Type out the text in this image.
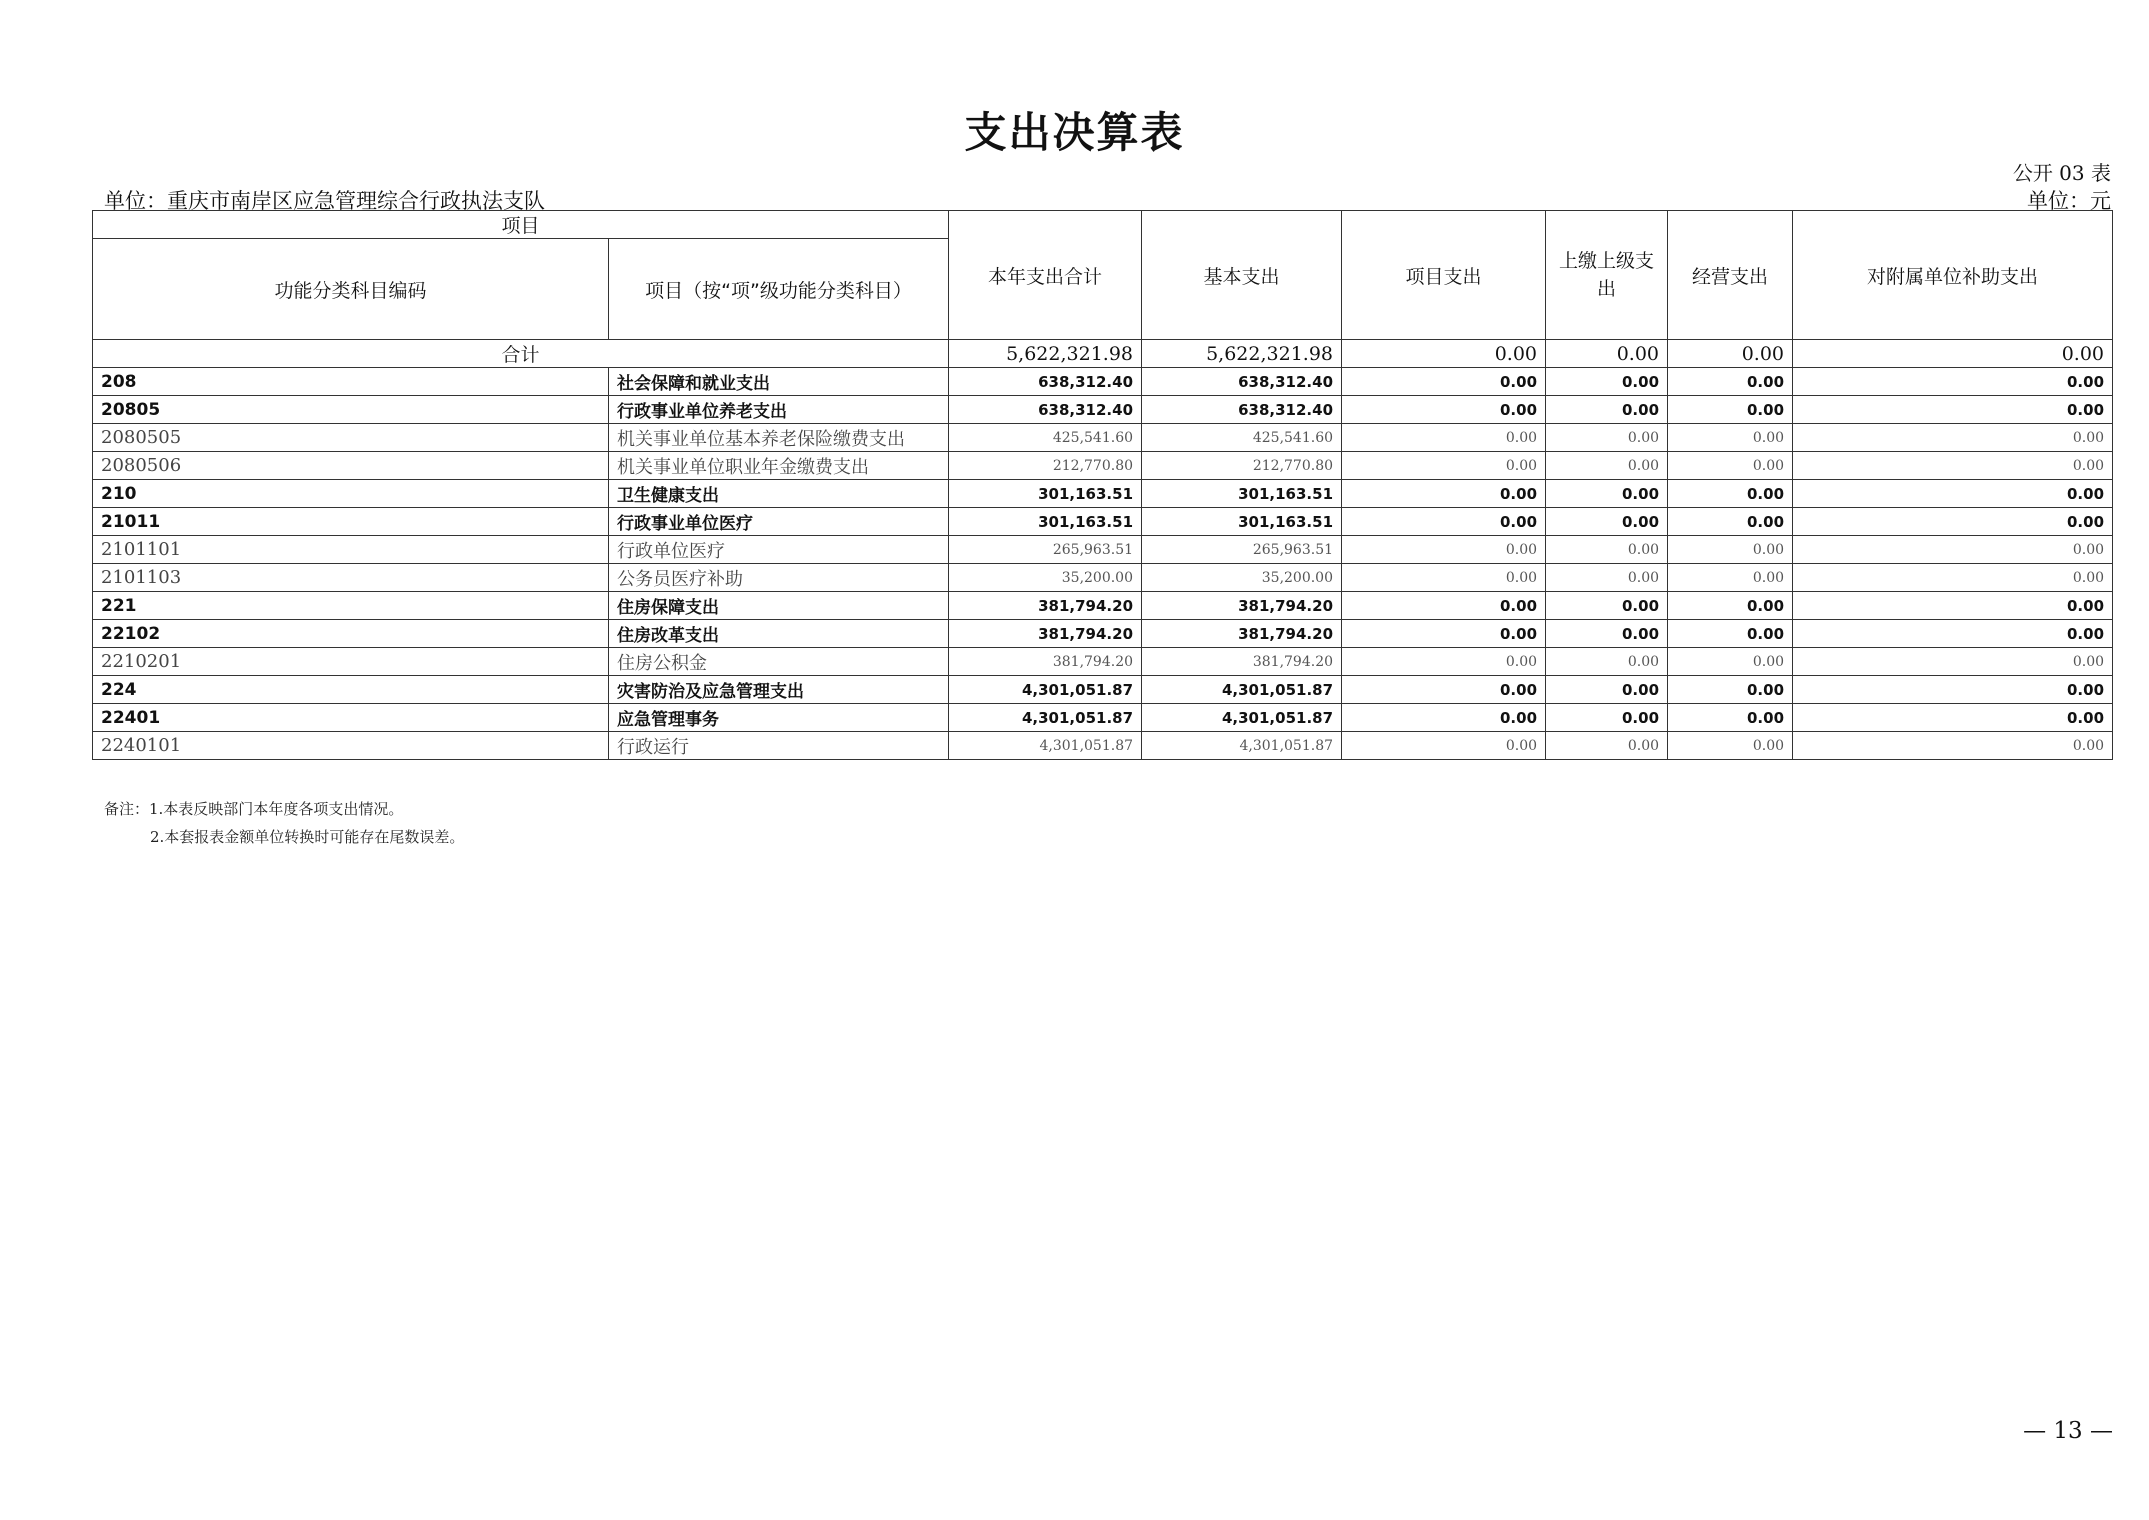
支出决算表
公开 03 表
单位：重庆市南岸区应急管理综合行政执法支队	单位：元
项目		本年支出合计	基本支出	项目支出	上缴上级支出	经营支出	对附属单位补助支出
功能分类科目编码	项目（按“项”级功能分类科目）						
合计		5,622,321.98	5,622,321.98	0.00	0.00	0.00	0.00
208	社会保障和就业支出	638,312.40	638,312.40	0.00	0.00	0.00	0.00
20805	行政事业单位养老支出	638,312.40	638,312.40	0.00	0.00	0.00	0.00
2080505	机关事业单位基本养老保险缴费支出	425,541.60	425,541.60	0.00	0.00	0.00	0.00
2080506	机关事业单位职业年金缴费支出	212,770.80	212,770.80	0.00	0.00	0.00	0.00
210	卫生健康支出	301,163.51	301,163.51	0.00	0.00	0.00	0.00
21011	行政事业单位医疗	301,163.51	301,163.51	0.00	0.00	0.00	0.00
2101101	行政单位医疗	265,963.51	265,963.51	0.00	0.00	0.00	0.00
2101103	公务员医疗补助	35,200.00	35,200.00	0.00	0.00	0.00	0.00
221	住房保障支出	381,794.20	381,794.20	0.00	0.00	0.00	0.00
22102	住房改革支出	381,794.20	381,794.20	0.00	0.00	0.00	0.00
2210201	住房公积金	381,794.20	381,794.20	0.00	0.00	0.00	0.00
224	灾害防治及应急管理支出	4,301,051.87	4,301,051.87	0.00	0.00	0.00	0.00
22401	应急管理事务	4,301,051.87	4,301,051.87	0.00	0.00	0.00	0.00
2240101	行政运行	4,301,051.87	4,301,051.87	0.00	0.00	0.00	0.00
备注：1.本表反映部门本年度各项支出情况。
2.本套报表金额单位转换时可能存在尾数误差。
— 13 —
